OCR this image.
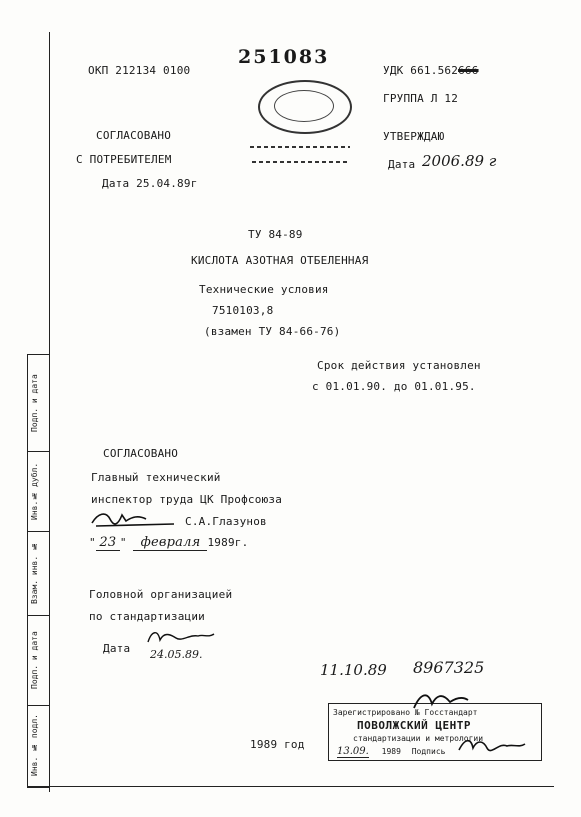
Подп. и дата
Инв.№ дубл.
Взам. инв. №
Подп. и дата
Инв. № подл.
ОКП 212134 0100
251083
УДК 661.562666
ГРУППА Л 12
СОГЛАСОВАНО
С ПОТРЕБИТЕЛЕМ
Дата 25.04.89г
УТВЕРЖДАЮ
Дата 2006.89 г
ТУ 84-89
КИСЛОТА АЗОТНАЯ ОТБЕЛЕННАЯ
Технические условия
7510103,8
(взамен ТУ 84-66-76)
Срок действия установлен
с 01.01.90. до 01.01.95.
СОГЛАСОВАНО
Главный технический
инспектор труда ЦК Профсоюза
С.А.Глазунов
" 23 " февраля 1989г.
Головной организацией
по стандартизации
Дата 24.05.89.
11.10.89 8967325
Зарегистрировано № Госстандарт
ПОВОЛЖСКИЙ ЦЕНТР
стандартизации и метрологии
13.09. 1989 Подпись
1989 год
